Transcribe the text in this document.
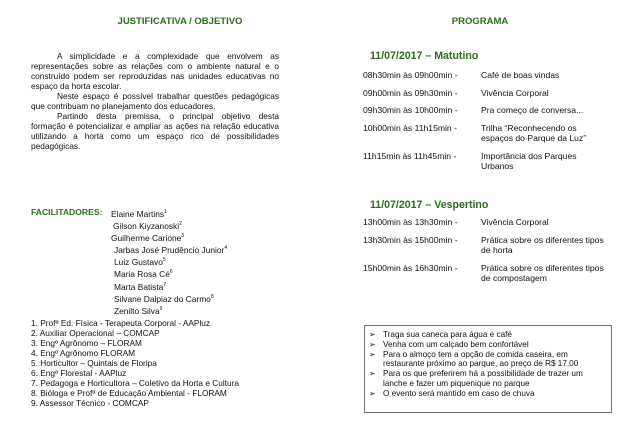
JUSTIFICATIVA / OBJETIVO

A simplicidade e a complexidade que envolvem as representações sobre as relações com o ambiente natural e o construído podem ser reproduzidas nas unidades educativas no espaço da horta escolar.

Neste espaço é possível trabalhar questões pedagógicas que contribuam no planejamento dos educadores.

Partindo desta premissa, o principal objetivo desta formação é potencializar e ampliar as ações na relação educativa utilizando a horta como um espaço rico de possibilidades pedagógicas.

FACILITADORES: Elaine Martins$^1$
Gilson Kiyzanoski$^2$
Guilherme Carione$^3$
Jarbas José Prudêncio Junior$^4$
Luiz Gustavo$^5$
Maria Rosa $Cé^6$
Marta Batista$^7$
Silvane Dalpiaz do Carmo$^8$
Zenilto Silva$^9$
1. Profª Ed. Física - Terapeuta Corporal - AAPluz
2. Auxiliar Operacional – COMCAP
3. Engº Agrônomo – FLORAM
4. Engº Agrônomo FLORAM
5. Horticultor – Quintais de Floripa
6. Engª Florestal - AAPluz
7. Pedagoga e Horticultora – Coletivo da Horta e Cultura
8. Bióloga e Profª de Educação Ambiental - FLORAM
9. Assessor Técnico - COMCAP
PROGRAMA
11/07/2017 – Matutino
08h30min às 09h00min -	Café de boas vindas
09h00min às 09h30min -	Vivência Corporal
09h30min às 10h00min -	Pra começo de conversa...
10h00min às 11h15min -	Trilha “Reconhecendo os espaços do Parque da Luz”
11h15min às 11h45min -	Importância dos Parques Urbanos
11/07/2017 – Vespertino
13h00min às 13h30min -	Vivência Corporal
13h30min às 15h00min -	Prática sobre os diferentes tipos de horta
15h00min às 16h30min -	Prática sobre os diferentes tipos de compostagem
➢ Traga sua caneca para água e café
➢ Venha com um calçado bem confortável
➢ Para o almoço tem a opção de comida caseira, em restaurante próximo ao parque, ao preço de R$ 17,00
➢ Para os que preferirem há a possibilidade de trazer um lanche e fazer um piquenique no parque
➢ O evento será mantido em caso de chuva
